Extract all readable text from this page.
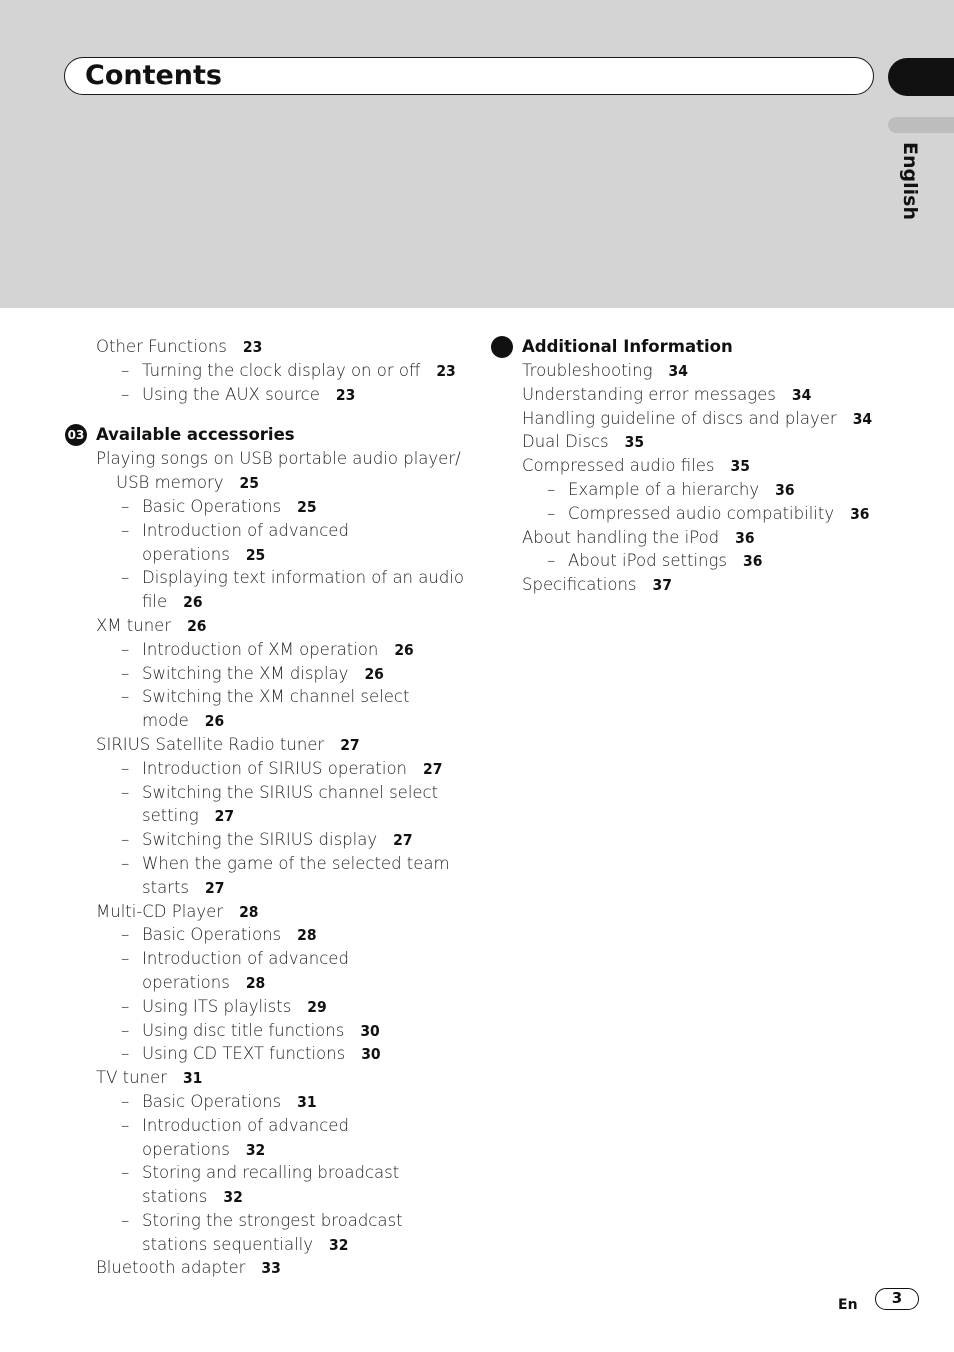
Contents
English
Other Functions 23
– Turning the clock display on or off 23
– Using the AUX source 23
03 Available accessories
Playing songs on USB portable audio player/
USB memory 25
– Basic Operations 25
– Introduction of advanced
operations 25
– Displaying text information of an audio
file 26
XM tuner 26
– Introduction of XM operation 26
– Switching the XM display 26
– Switching the XM channel select
mode 26
SIRIUS Satellite Radio tuner 27
– Introduction of SIRIUS operation 27
– Switching the SIRIUS channel select
setting 27
– Switching the SIRIUS display 27
– When the game of the selected team
starts 27
Multi-CD Player 28
– Basic Operations 28
– Introduction of advanced
operations 28
– Using ITS playlists 29
– Using disc title functions 30
– Using CD TEXT functions 30
TV tuner 31
– Basic Operations 31
– Introduction of advanced
operations 32
– Storing and recalling broadcast
stations 32
– Storing the strongest broadcast
stations sequentially 32
Bluetooth adapter 33
Additional Information
Troubleshooting 34
Understanding error messages 34
Handling guideline of discs and player 34
Dual Discs 35
Compressed audio files 35
– Example of a hierarchy 36
– Compressed audio compatibility 36
About handling the iPod 36
– About iPod settings 36
Specifications 37
En	3
